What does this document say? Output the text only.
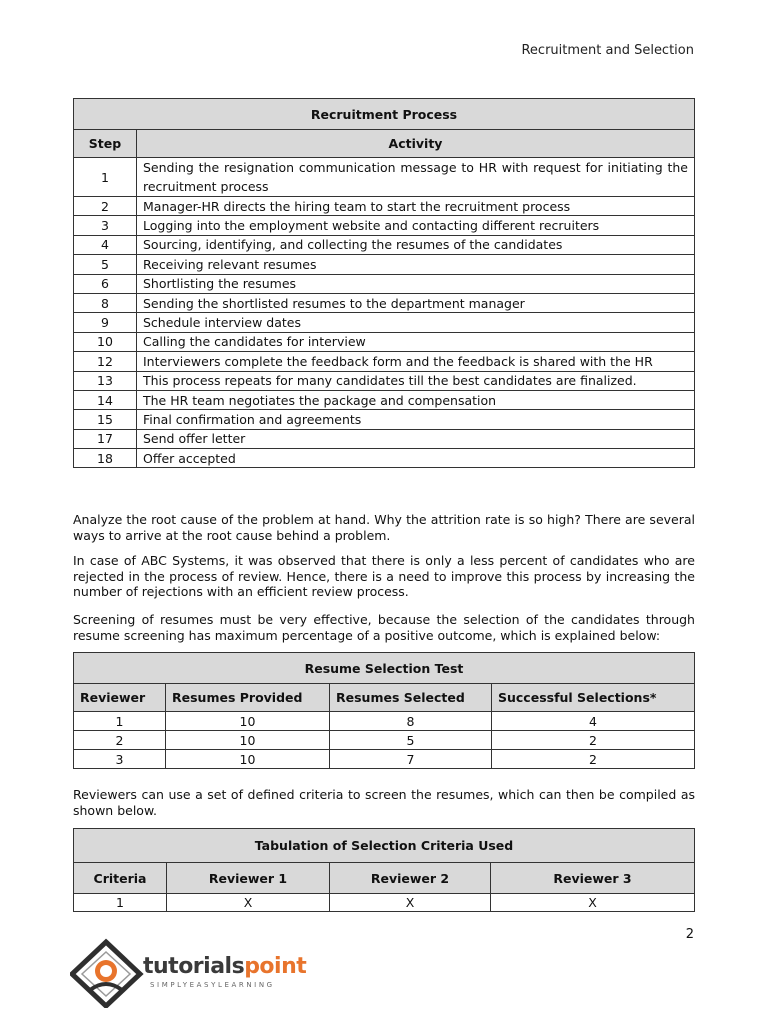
Recruitment and Selection
Recruitment Process	
Step	Activity
1	Sending the resignation communication message to HR with request for initiating the recruitment process
2	Manager-HR directs the hiring team to start the recruitment process
3	Logging into the employment website and contacting different recruiters
4	Sourcing, identifying, and collecting the resumes of the candidates
5	Receiving relevant resumes
6	Shortlisting the resumes
8	Sending the shortlisted resumes to the department manager
9	Schedule interview dates
10	Calling the candidates for interview
12	Interviewers complete the feedback form and the feedback is shared with the HR
13	This process repeats for many candidates till the best candidates are finalized.
14	The HR team negotiates the package and compensation
15	Final confirmation and agreements
17	Send offer letter
18	Offer accepted

Analyze the root cause of the problem at hand. Why the attrition rate is so high? There are several ways to arrive at the root cause behind a problem.

In case of ABC Systems, it was observed that there is only a less percent of candidates who are rejected in the process of review. Hence, there is a need to improve this process by increasing the number of rejections with an efficient review process.

Screening of resumes must be very effective, because the selection of the candidates through resume screening has maximum percentage of a positive outcome, which is explained below:

Resume Selection Test			
Reviewer	Resumes Provided	Resumes Selected	Successful Selections*
1	10	8	4
2	10	5	2
3	10	7	2

Reviewers can use a set of defined criteria to screen the resumes, which can then be compiled as shown below.

Tabulation of Selection Criteria Used			
Criteria	Reviewer 1	Reviewer 2	Reviewer 3
1	X	X	X
2
tutorialspoint
SIMPLYEASYLEARNING
